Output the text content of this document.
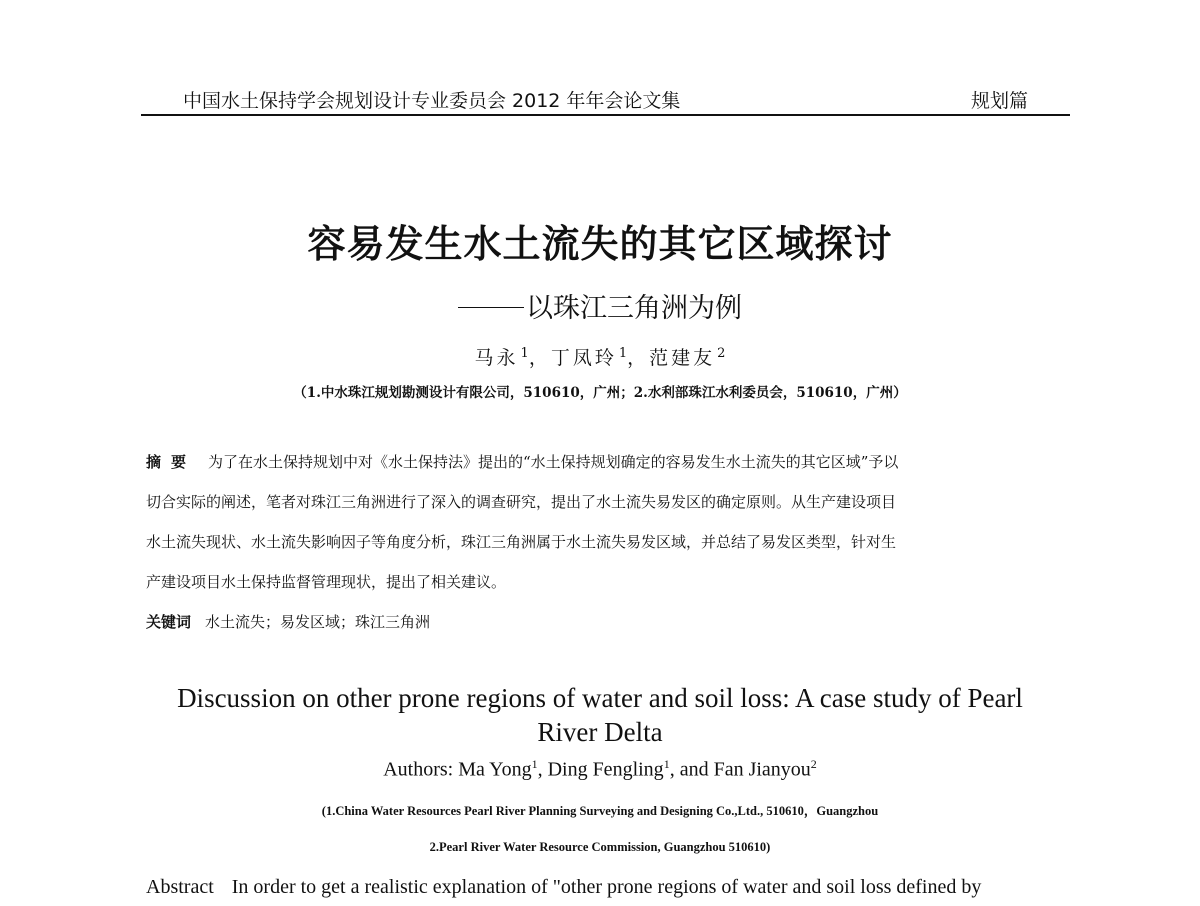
中国水土保持学会规划设计专业委员会 2012 年年会论文集	规划篇
容易发生水土流失的其它区域探讨
以珠江三角洲为例
马永 $^1$，丁凤玲 $^1$，范建友 $^2$
（1.中水珠江规划勘测设计有限公司，510610，广州；2.水利部珠江水利委员会，510610，广州）
摘要 为了在水土保持规划中对《水土保持法》提出的“水土保持规划确定的容易发生水土流失的其它区域”予以
切合实际的阐述，笔者对珠江三角洲进行了深入的调查研究，提出了水土流失易发区的确定原则。从生产建设项目
水土流失现状、水土流失影响因子等角度分析，珠江三角洲属于水土流失易发区域，并总结了易发区类型，针对生
产建设项目水土保持监督管理现状，提出了相关建议。
关键词 水土流失；易发区域；珠江三角洲
Discussion on other prone regions of water and soil loss: A case study of Pearl
River Delta
Authors: Ma Yong$^1$, Ding Fengling$^1$, and Fan Jianyou$^2$
(1.China Water Resources Pearl River Planning Surveying and Designing Co.,Ltd., 510610，Guangzhou
2.Pearl River Water Resource Commission, Guangzhou 510610)
Abstract In order to get a realistic explanation of "other prone regions of water and soil loss defined by
